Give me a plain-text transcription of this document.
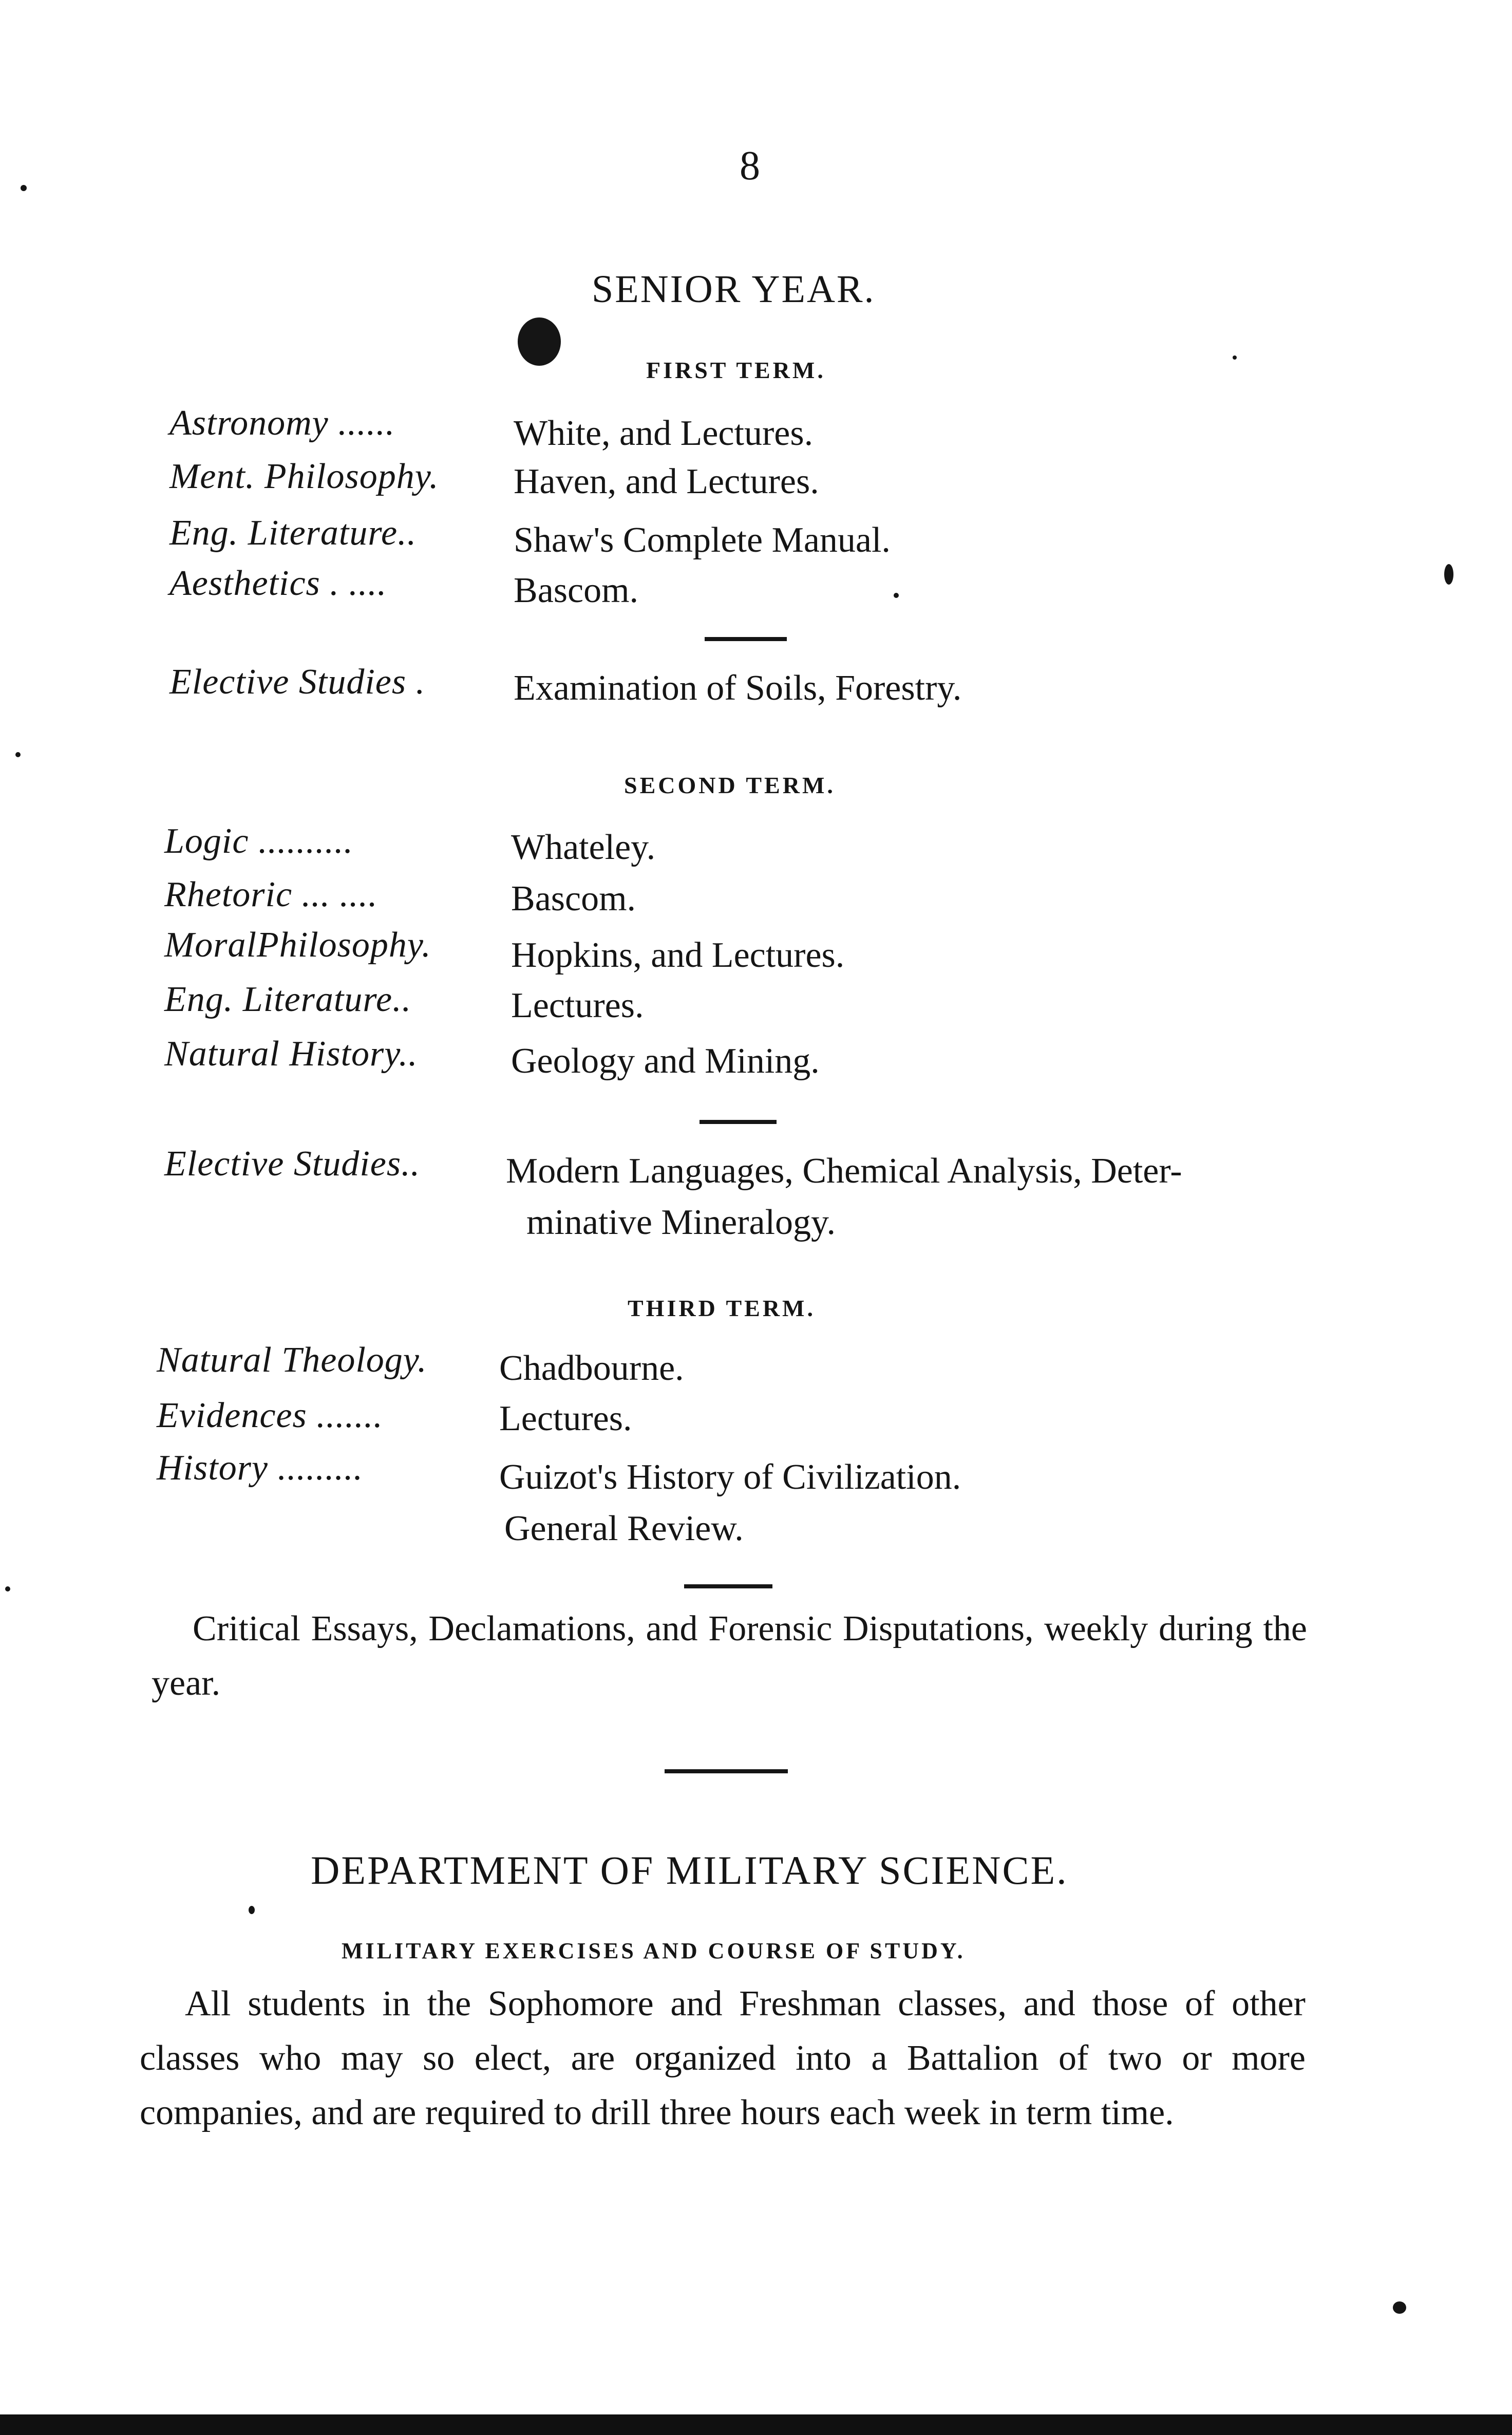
8
SENIOR YEAR.
FIRST TERM.
Astronomy ......	White, and Lectures.
Ment. Philosophy. Haven, and Lectures.
Eng. Literature..	Shaw's Complete Manual.
Aesthetics . ....	Bascom.
Elective Studies . Examination of Soils, Forestry.
SECOND TERM.
Logic ..........	Whateley.
Rhetoric ... ....	Bascom.
MoralPhilosophy. Hopkins, and Lectures.
Eng. Literature..	Lectures.
Natural History..	Geology and Mining.
Elective Studies.. Modern Languages, Chemical Analysis, Deter-
minative Mineralogy.
THIRD TERM.
Natural Theology. Chadbourne.
Evidences .......	Lectures.
History .........	Guizot's History of Civilization.
General Review.
Critical Essays, Declamations, and Forensic Disputations, weekly during the year.
DEPARTMENT OF MILITARY SCIENCE.
MILITARY EXERCISES AND COURSE OF STUDY.
All students in the Sophomore and Freshman classes, and those of other classes who may so elect, are organized into a Battalion of two or more companies, and are required to drill three hours each week in term time.
